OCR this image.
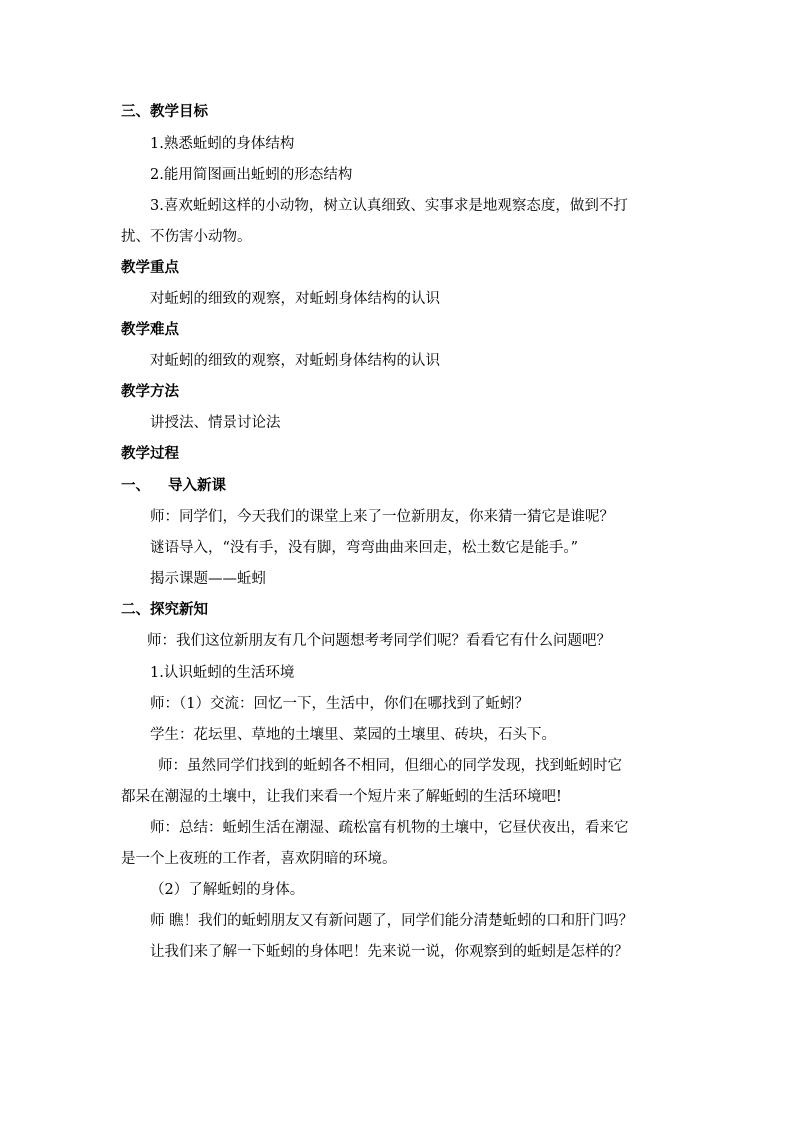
三、教学目标
1.熟悉蚯蚓的身体结构
2.能用简图画出蚯蚓的形态结构
3.喜欢蚯蚓这样的小动物，树立认真细致、实事求是地观察态度，做到不打
扰、不伤害小动物。
教学重点
对蚯蚓的细致的观察，对蚯蚓身体结构的认识
教学难点
对蚯蚓的细致的观察，对蚯蚓身体结构的认识
教学方法
讲授法、情景讨论法
教学过程
一、 导入新课
师：同学们，今天我们的课堂上来了一位新朋友，你来猜一猜它是谁呢？
谜语导入，“没有手，没有脚，弯弯曲曲来回走，松土数它是能手。”
揭示课题——蚯蚓
二、探究新知
师：我们这位新朋友有几个问题想考考同学们呢？看看它有什么问题吧？
1.认识蚯蚓的生活环境
师：（1）交流：回忆一下，生活中，你们在哪找到了蚯蚓？
学生：花坛里、草地的土壤里、菜园的土壤里、砖块，石头下。
师：虽然同学们找到的蚯蚓各不相同，但细心的同学发现，找到蚯蚓时它
都呆在潮湿的土壤中，让我们来看一个短片来了解蚯蚓的生活环境吧!
师：总结：蚯蚓生活在潮湿、疏松富有机物的土壤中，它昼伏夜出，看来它
是一个上夜班的工作者，喜欢阴暗的环境。
（2）了解蚯蚓的身体。
师 瞧！我们的蚯蚓朋友又有新问题了，同学们能分清楚蚯蚓的口和肝门吗？
让我们来了解一下蚯蚓的身体吧！先来说一说，你观察到的蚯蚓是怎样的？
